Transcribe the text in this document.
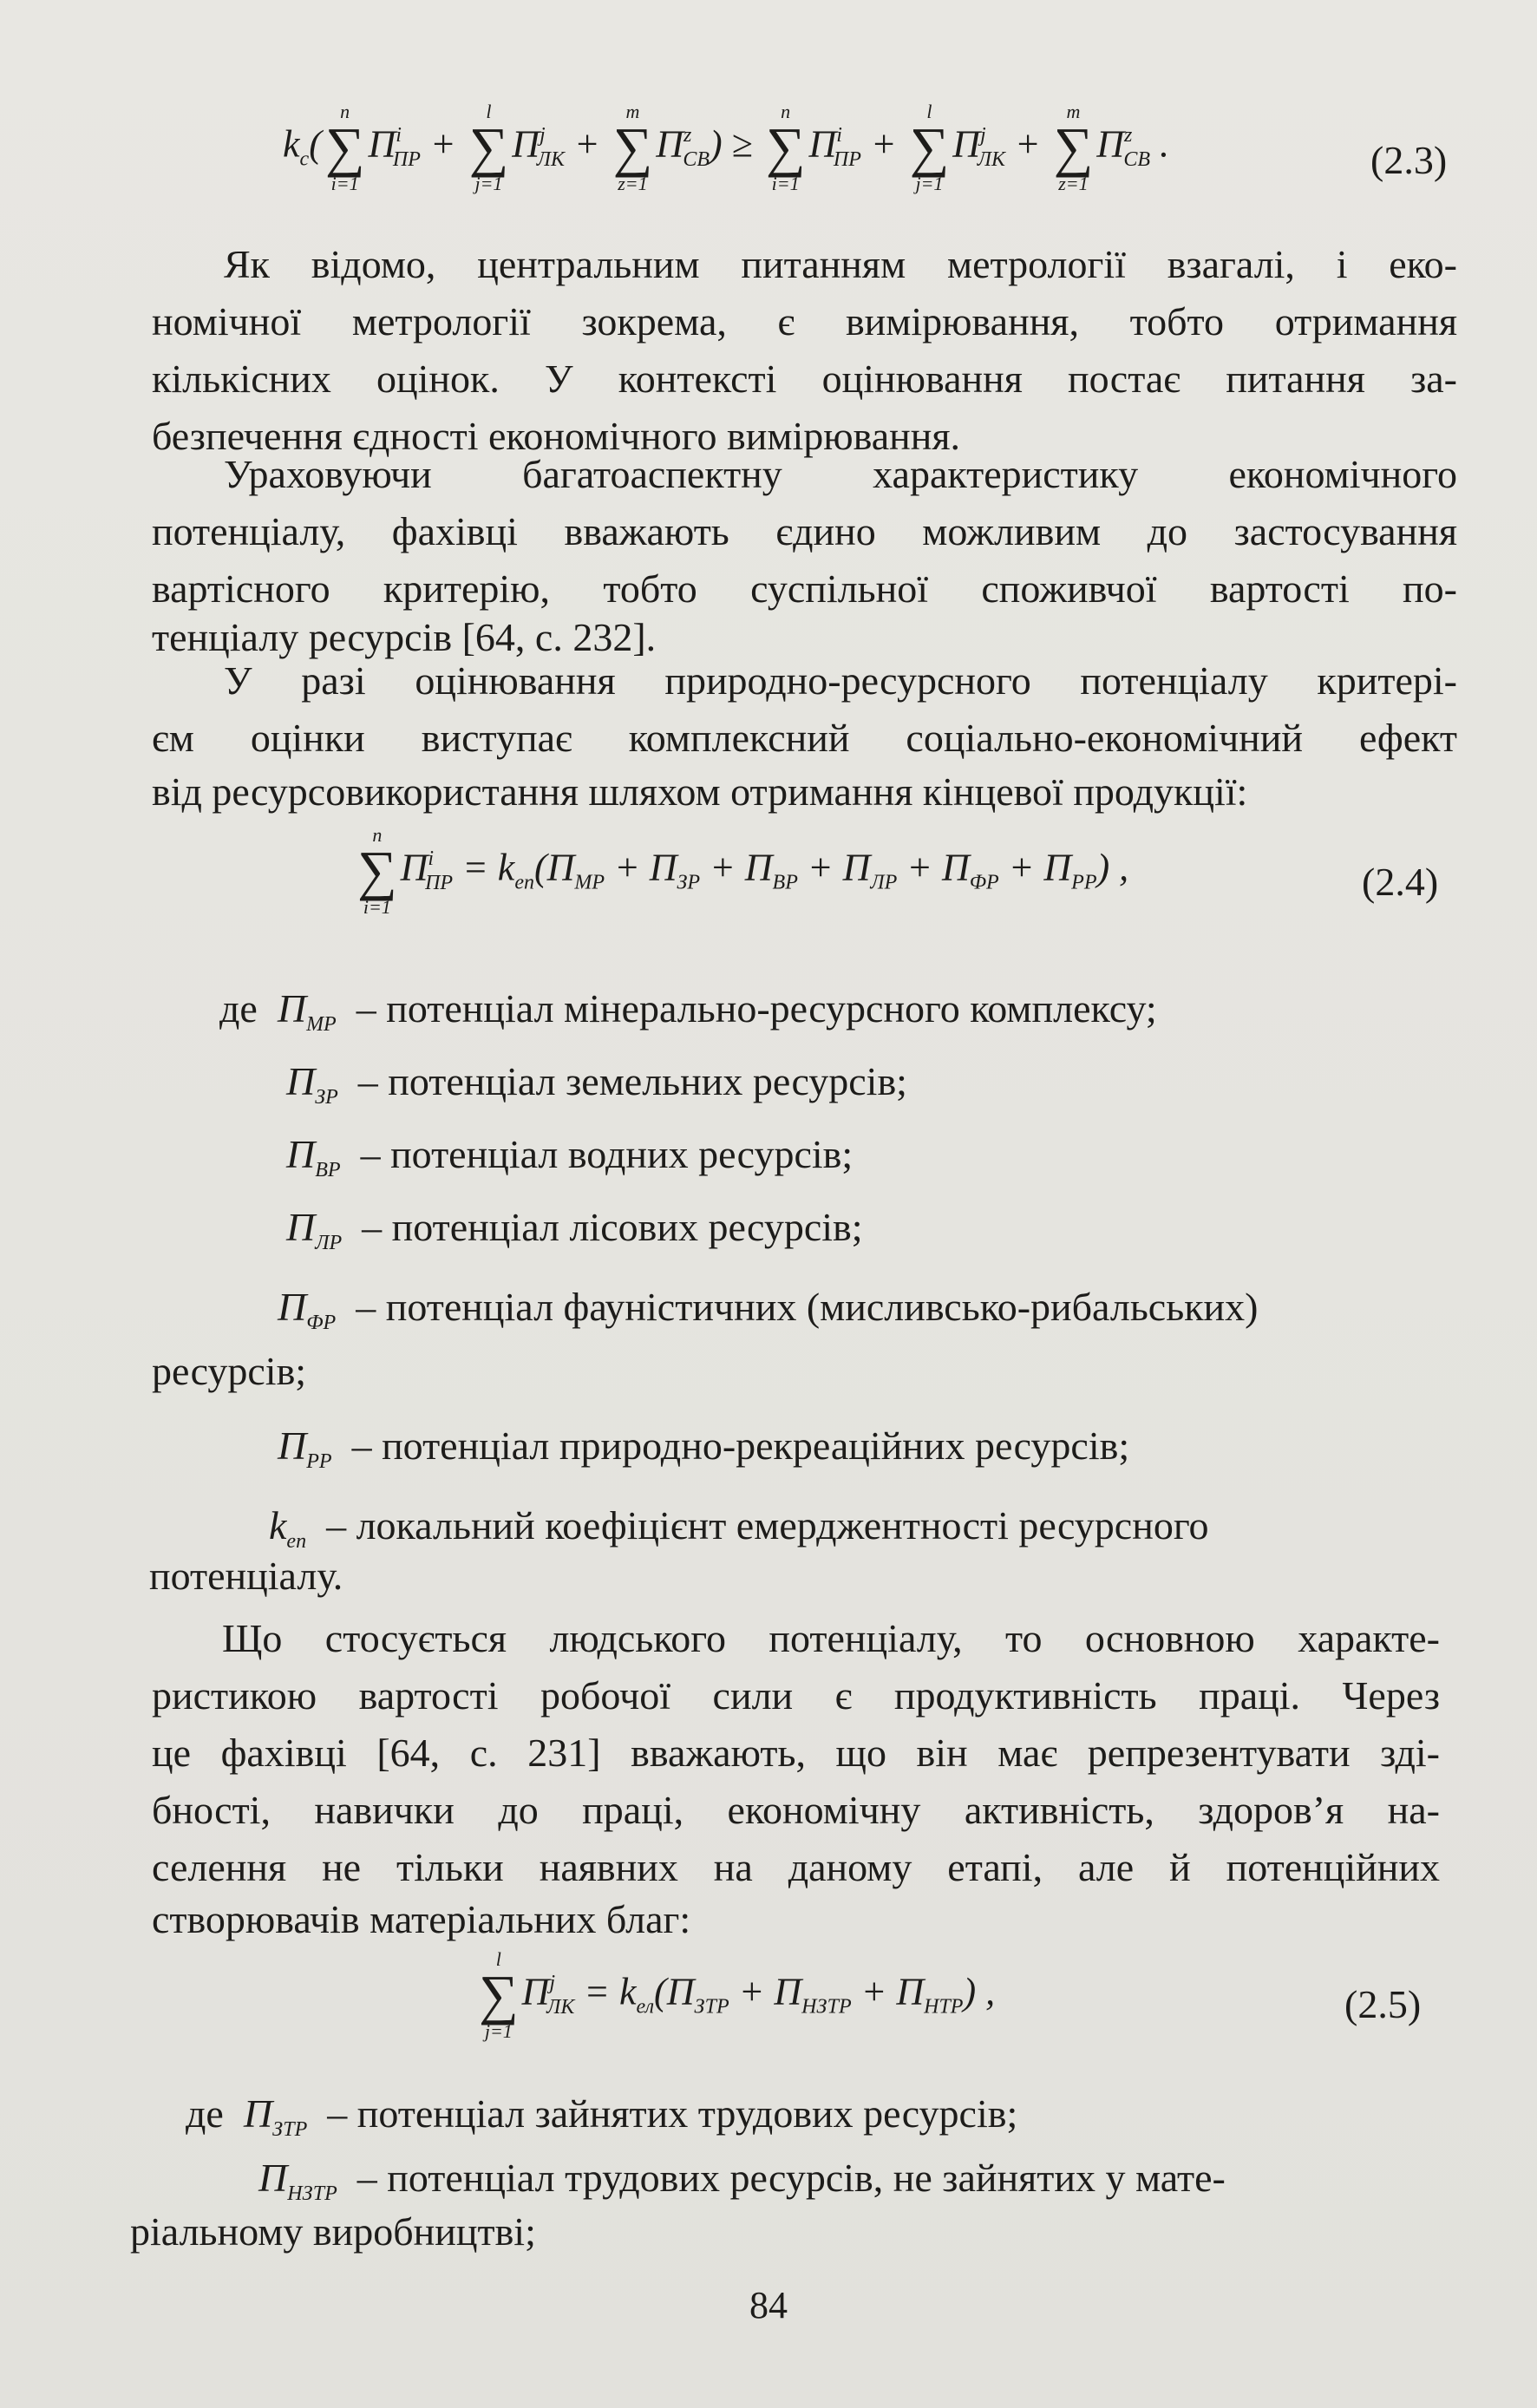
$k_c$(
n
∑
i=1
$П^i_{ПР}$ +
l
∑
j=1
$П^j_{ЛК}$ +
m
∑
z=1
$П^z_{СВ}$) ≥
n
∑
i=1
$П^i_{ПР}$ +
l
∑
j=1
$П^j_{ЛК}$ +
m
∑
z=1
$П^z_{СВ}$ .	(2.3)

Як відомо, центральним питанням метрології взагалі, і еко-

номічної метрології зокрема, є вимірювання, тобто отримання

кількісних оцінок. У контексті оцінювання постає питання за-

безпечення єдності економічного вимірювання.

Ураховуючи багатоаспектну характеристику економічного

потенціалу, фахівці вважають єдино можливим до застосування

вартісного критерію, тобто суспільної споживчої вартості по-

тенціалу ресурсів [64, с. 232].

У разі оцінювання природно-ресурсного потенціалу критері-

єм оцінки виступає комплексний соціально-економічний ефект

від ресурсовикористання шляхом отримання кінцевої продукції:

n
∑
i=1
$П^i_{ПР} = k_{еп}(П_{МР} + П_{ЗР} + П_{ВР} + П_{ЛР} + П_{ФР} + П_{РР})$ ,	(2.4)
де  $П_{МР}$ – потенціал мінерально-ресурсного комплексу;
$П_{ЗР}$ – потенціал земельних ресурсів;
$П_{ВР}$ – потенціал водних ресурсів;
$П_{ЛР}$ – потенціал лісових ресурсів;
$П_{ФР}$ – потенціал фауністичних (мисливсько-рибальських)
ресурсів;
$П_{РР}$ – потенціал природно-рекреаційних ресурсів;
$k_{еп}$ – локальний коефіцієнт емерджентності ресурсного
потенціалу.

Що стосується людського потенціалу, то основною характе-

ристикою вартості робочої сили є продуктивність праці. Через

це фахівці [64, с. 231] вважають, що він має репрезентувати зді-

бності, навички до праці, економічну активність, здоров’я на-

селення не тільки наявних на даному етапі, але й потенційних

створювачів матеріальних благ:

l
∑
j=1
$П^j_{ЛК} = k_{ел}(П_{ЗТР} + П_{НЗТР} + П_{НТР})$ ,	(2.5)
де  $П_{ЗТР}$ – потенціал зайнятих трудових ресурсів;
$П_{НЗТР}$ – потенціал трудових ресурсів, не зайнятих у мате-
ріальному виробництві;
84
